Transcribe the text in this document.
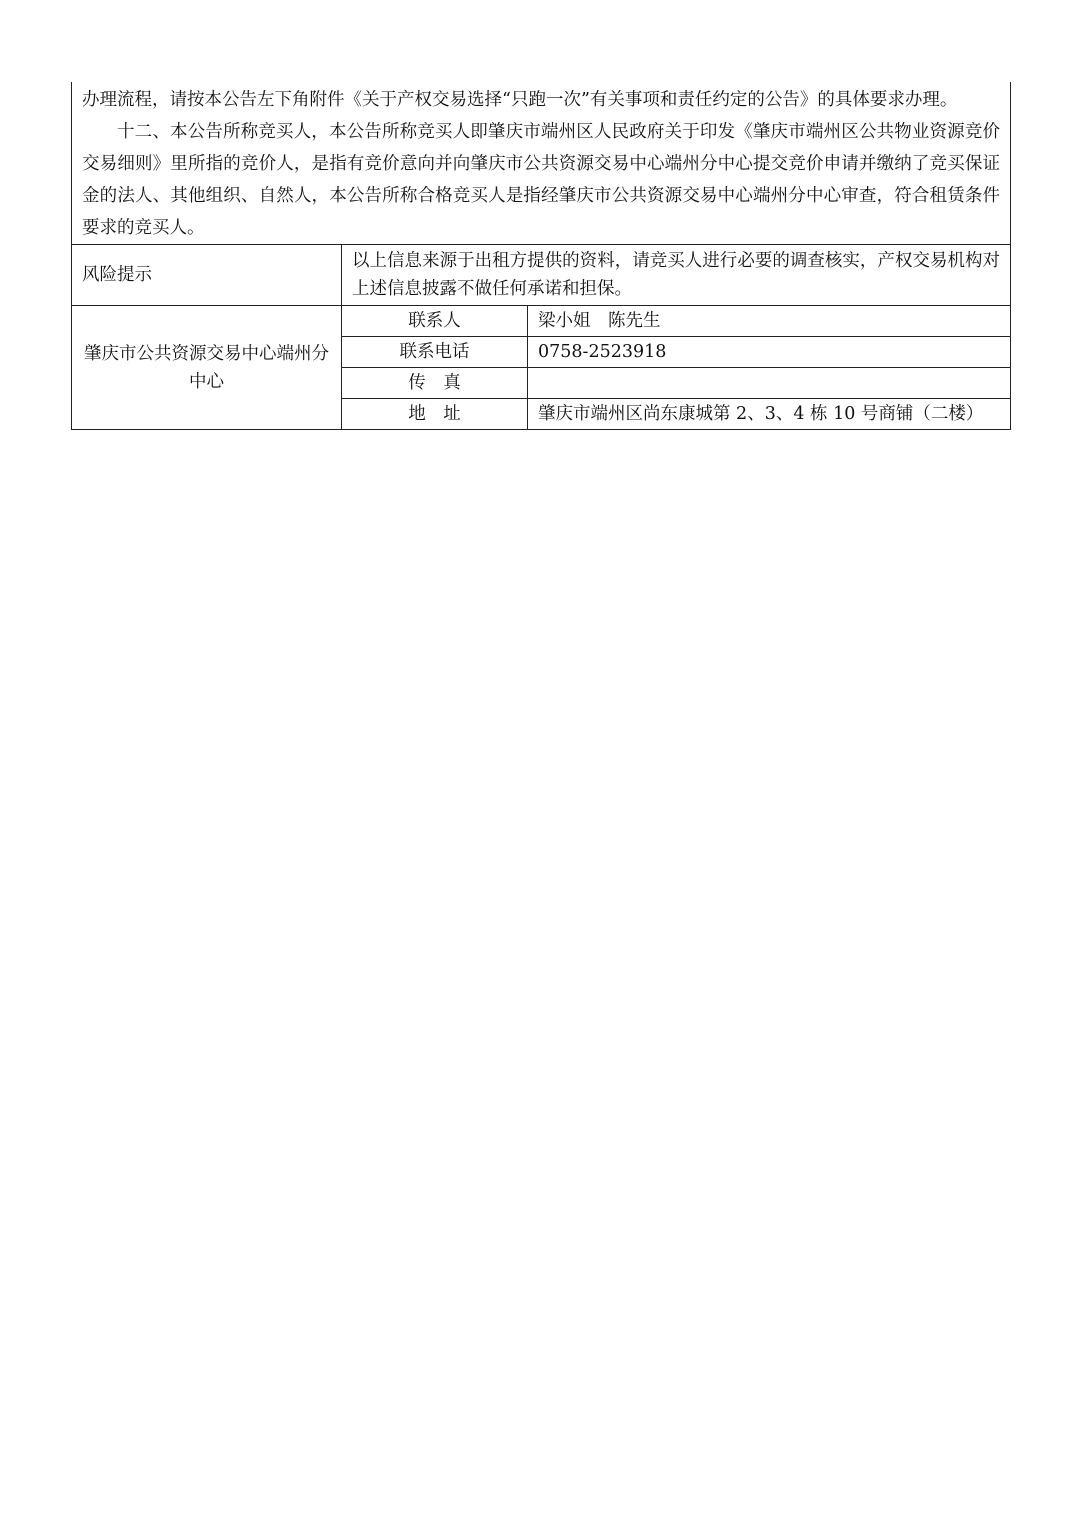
办理流程，请按本公告左下角附件《关于产权交易选择“只跑一次”有关事项和责任约定的公告》的具体要求办理。

十二、本公告所称竞买人，本公告所称竞买人即肇庆市端州区人民政府关于印发《肇庆市端州区公共物业资源竞价交易细则》里所指的竞价人，是指有竞价意向并向肇庆市公共资源交易中心端州分中心提交竞价申请并缴纳了竞买保证金的法人、其他组织、自然人，本公告所称合格竞买人是指经肇庆市公共资源交易中心端州分中心审查，符合租赁条件要求的竞买人。		

风险提示	以上信息来源于出租方提供的资料，请竞买人进行必要的调查核实，产权交易机构对上述信息披露不做任何承诺和担保。	
肇庆市公共资源交易中心端州分中心	联系人	梁小姐　陈先生
	联系电话	0758-2523918
	传　真	
	地　址	肇庆市端州区尚东康城第 2、3、4 栋 10 号商铺（二楼）
